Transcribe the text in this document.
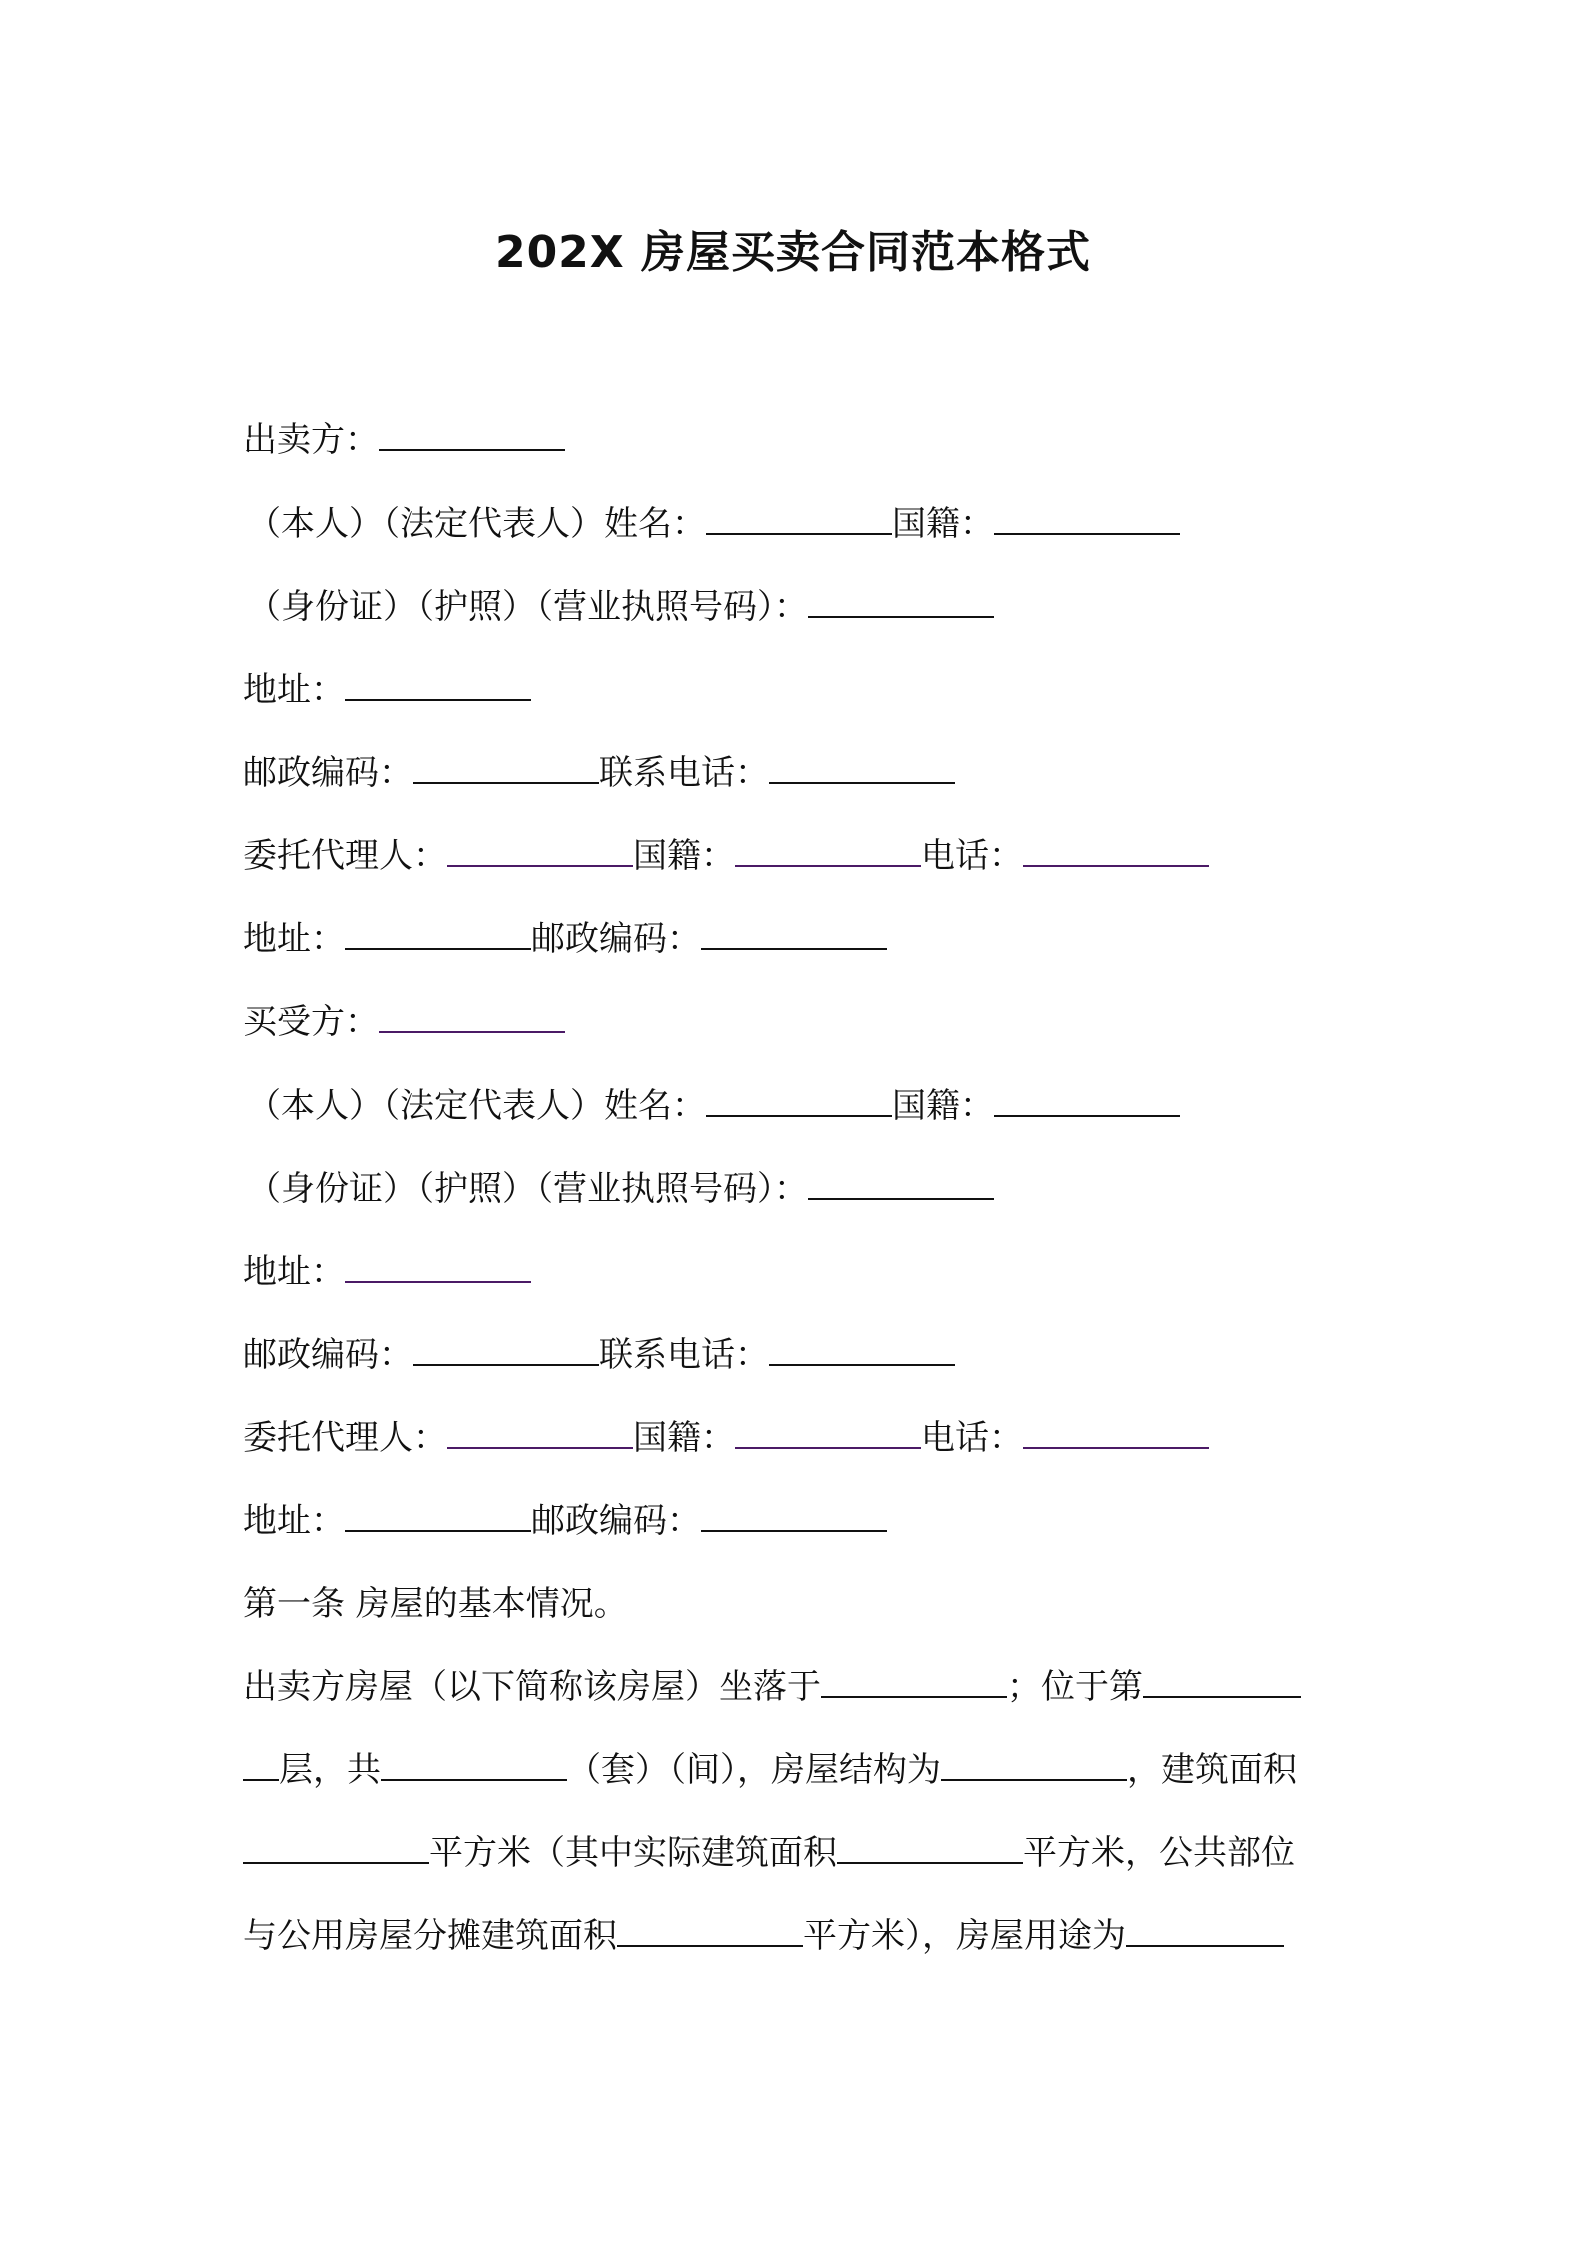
202X 房屋买卖合同范本格式
出卖方：
（本人）（法定代表人）姓名：	国籍：
（身份证）（护照）（营业执照号码）：
地址：
邮政编码：	联系电话：
委托代理人：	国籍：	电话：
地址：	邮政编码：
买受方：
（本人）（法定代表人）姓名：	国籍：
（身份证）（护照）（营业执照号码）：
地址：
邮政编码：	联系电话：
委托代理人：	国籍：	电话：
地址：	邮政编码：
第一条 房屋的基本情况。
出卖方房屋（以下简称该房屋）坐落于	；位于第
层，共	（套）（间），房屋结构为	，建筑面积
平方米（其中实际建筑面积	平方米，公共部位
与公用房屋分摊建筑面积	平方米），房屋用途为
